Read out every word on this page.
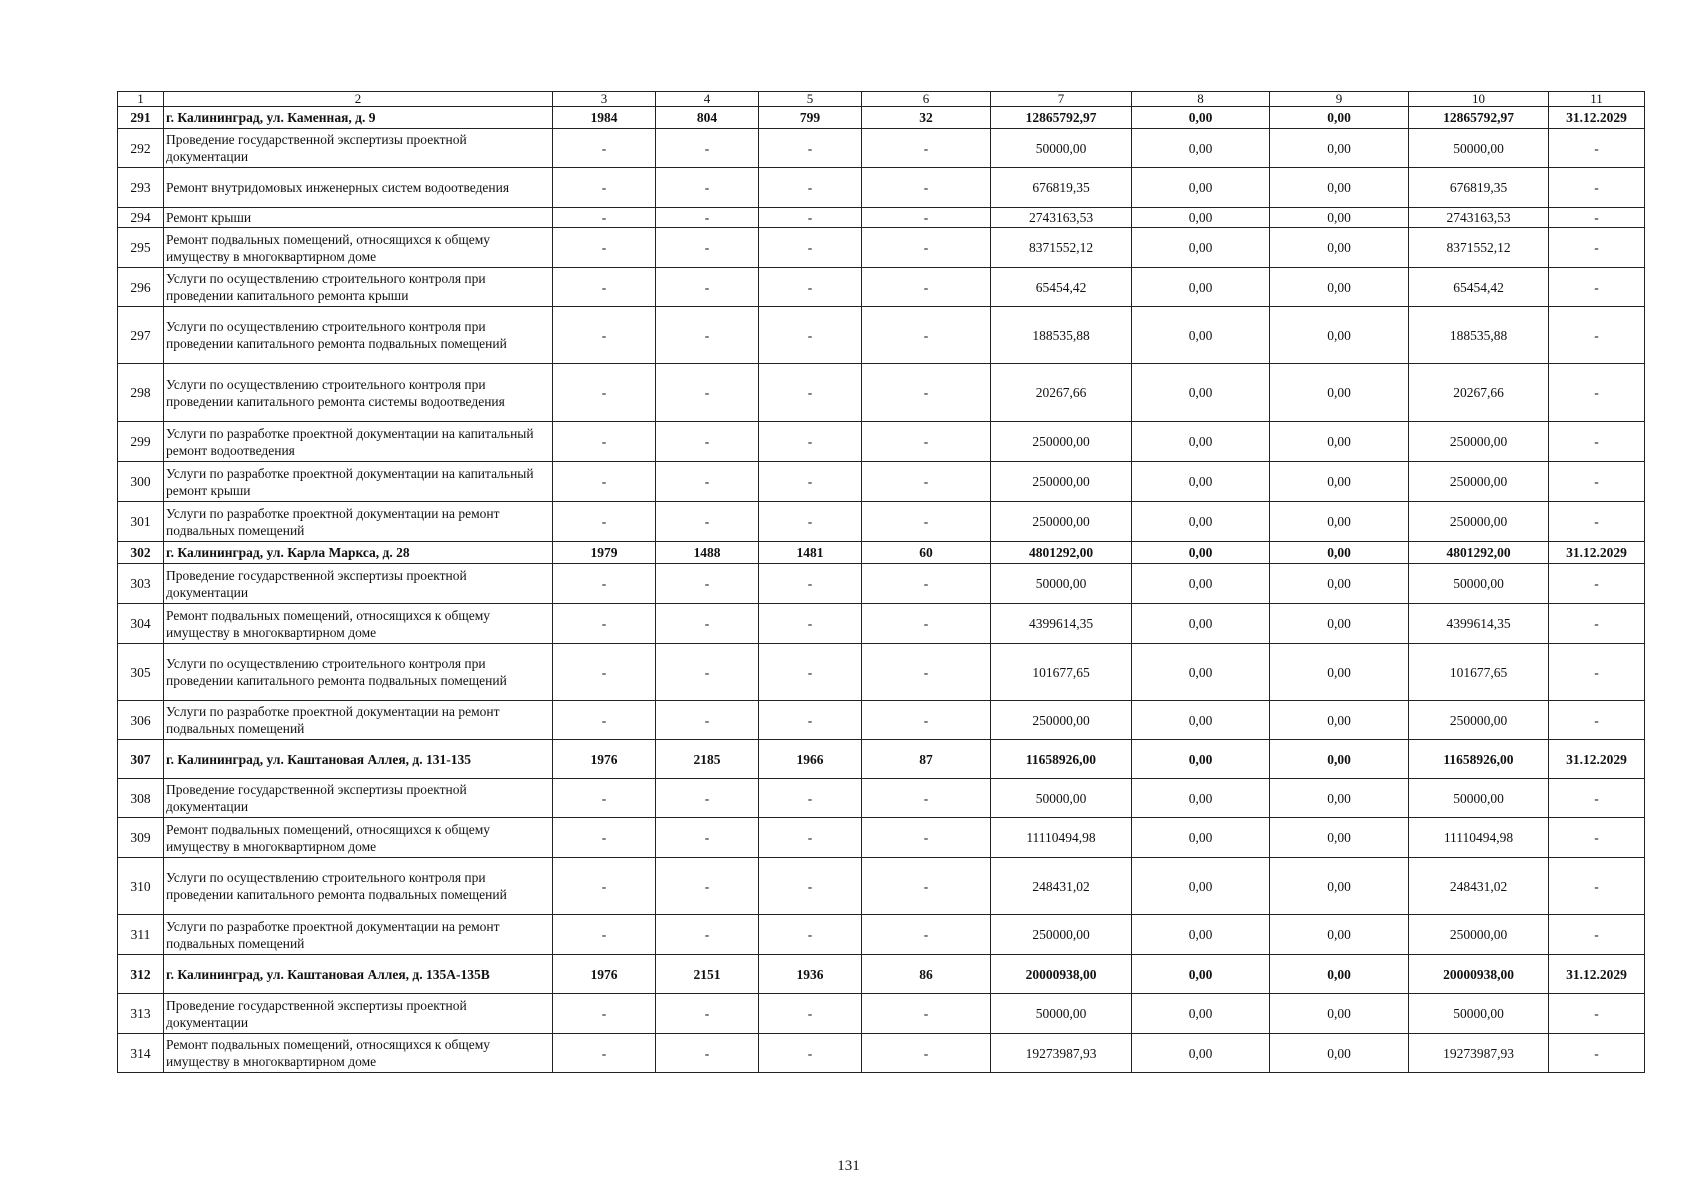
1	2	3	4	5	6	7	8	9	10	11
291	г. Калининград, ул. Каменная, д. 9	1984	804	799	32	12865792,97	0,00	0,00	12865792,97	31.12.2029
292	Проведение государственной экспертизы проектной документации	-	-	-	-	50000,00	0,00	0,00	50000,00	-
293	Ремонт внутридомовых инженерных систем водоотведения	-	-	-	-	676819,35	0,00	0,00	676819,35	-
294	Ремонт крыши	-	-	-	-	2743163,53	0,00	0,00	2743163,53	-
295	Ремонт подвальных помещений, относящихся к общему имуществу в многоквартирном доме	-	-	-	-	8371552,12	0,00	0,00	8371552,12	-
296	Услуги по осуществлению строительного контроля при проведении капитального ремонта крыши	-	-	-	-	65454,42	0,00	0,00	65454,42	-
297	Услуги по осуществлению строительного контроля при проведении капитального ремонта подвальных помещений	-	-	-	-	188535,88	0,00	0,00	188535,88	-
298	Услуги по осуществлению строительного контроля при проведении капитального ремонта системы водоотведения	-	-	-	-	20267,66	0,00	0,00	20267,66	-
299	Услуги по разработке проектной документации на капитальный ремонт водоотведения	-	-	-	-	250000,00	0,00	0,00	250000,00	-
300	Услуги по разработке проектной документации на капитальный ремонт крыши	-	-	-	-	250000,00	0,00	0,00	250000,00	-
301	Услуги по разработке проектной документации на ремонт подвальных помещений	-	-	-	-	250000,00	0,00	0,00	250000,00	-
302	г. Калининград, ул. Карла Маркса, д. 28	1979	1488	1481	60	4801292,00	0,00	0,00	4801292,00	31.12.2029
303	Проведение государственной экспертизы проектной документации	-	-	-	-	50000,00	0,00	0,00	50000,00	-
304	Ремонт подвальных помещений, относящихся к общему имуществу в многоквартирном доме	-	-	-	-	4399614,35	0,00	0,00	4399614,35	-
305	Услуги по осуществлению строительного контроля при проведении капитального ремонта подвальных помещений	-	-	-	-	101677,65	0,00	0,00	101677,65	-
306	Услуги по разработке проектной документации на ремонт подвальных помещений	-	-	-	-	250000,00	0,00	0,00	250000,00	-
307	г. Калининград, ул. Каштановая Аллея, д. 131-135	1976	2185	1966	87	11658926,00	0,00	0,00	11658926,00	31.12.2029
308	Проведение государственной экспертизы проектной документации	-	-	-	-	50000,00	0,00	0,00	50000,00	-
309	Ремонт подвальных помещений, относящихся к общему имуществу в многоквартирном доме	-	-	-	-	11110494,98	0,00	0,00	11110494,98	-
310	Услуги по осуществлению строительного контроля при проведении капитального ремонта подвальных помещений	-	-	-	-	248431,02	0,00	0,00	248431,02	-
311	Услуги по разработке проектной документации на ремонт подвальных помещений	-	-	-	-	250000,00	0,00	0,00	250000,00	-
312	г. Калининград, ул. Каштановая Аллея, д. 135А-135В	1976	2151	1936	86	20000938,00	0,00	0,00	20000938,00	31.12.2029
313	Проведение государственной экспертизы проектной документации	-	-	-	-	50000,00	0,00	0,00	50000,00	-
314	Ремонт подвальных помещений, относящихся к общему имуществу в многоквартирном доме	-	-	-	-	19273987,93	0,00	0,00	19273987,93	-
131
